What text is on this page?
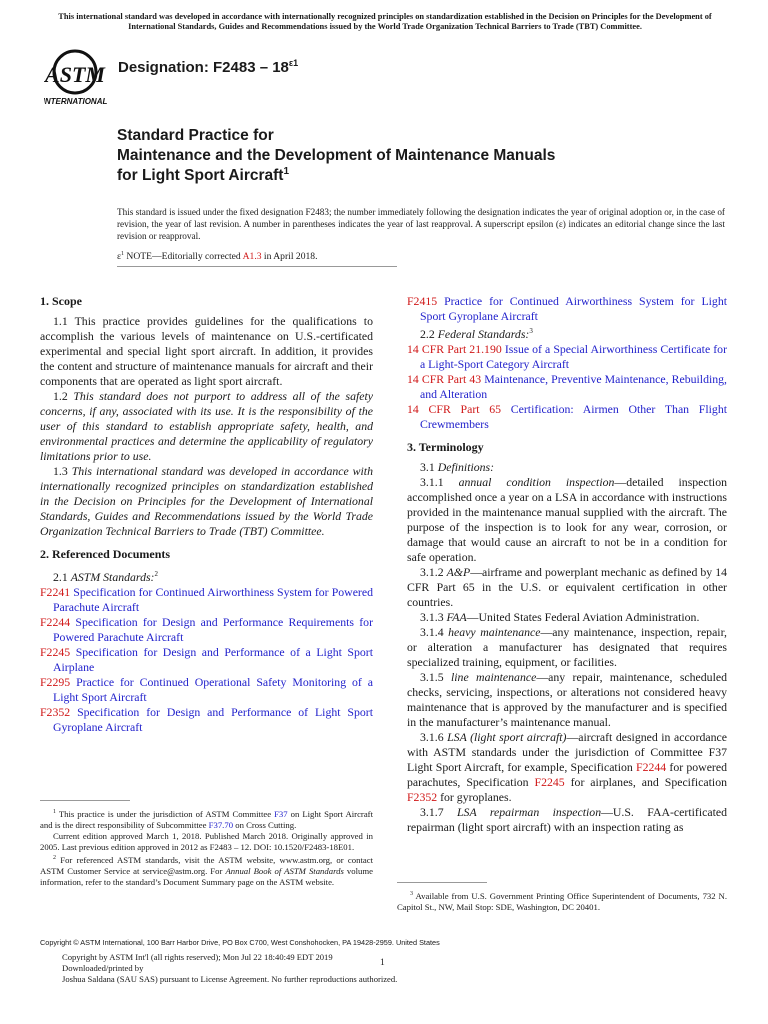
This international standard was developed in accordance with internationally recognized principles on standardization established in the Decision on Principles for the Development of International Standards, Guides and Recommendations issued by the World Trade Organization Technical Barriers to Trade (TBT) Committee.
ASTM
INTERNATIONAL
Designation: $F2483 - 18^{\varepsilon 1}$
Standard Practice for
Maintenance and the Development of Maintenance Manuals
for Light Sport Aircraft$^1$
This standard is issued under the fixed designation F2483; the number immediately following the designation indicates the year of original adoption or, in the case of revision, the year of last revision. A number in parentheses indicates the year of last reapproval. A superscript epsilon (ε) indicates an editorial change since the last revision or reapproval.
$\varepsilon^1$ NOTE—Editorially corrected A1.3 in April 2018.

1. Scope

1.1 This practice provides guidelines for the qualifications to accomplish the various levels of maintenance on U.S.-certificated experimental and special light sport aircraft. In addition, it provides the content and structure of maintenance manuals for aircraft and their components that are operated as light sport aircraft.

1.2 This standard does not purport to address all of the safety concerns, if any, associated with its use. It is the responsibility of the user of this standard to establish appropriate safety, health, and environmental practices and determine the applicability of regulatory limitations prior to use.

1.3 This international standard was developed in accordance with internationally recognized principles on standardization established in the Decision on Principles for the Development of International Standards, Guides and Recommendations issued by the World Trade Organization Technical Barriers to Trade (TBT) Committee.

2. Referenced Documents

2.1 ASTM Standards:$^2$

F2241 Specification for Continued Airworthiness System for Powered Parachute Aircraft

F2244 Specification for Design and Performance Requirements for Powered Parachute Aircraft

F2245 Specification for Design and Performance of a Light Sport Airplane

F2295 Practice for Continued Operational Safety Monitoring of a Light Sport Aircraft

F2352 Specification for Design and Performance of Light Sport Gyroplane Aircraft

$^1$ This practice is under the jurisdiction of ASTM Committee F37 on Light Sport Aircraft and is the direct responsibility of Subcommittee F37.70 on Cross Cutting.

Current edition approved March 1, 2018. Published March 2018. Originally approved in 2005. Last previous edition approved in 2012 as F2483 – 12. DOI: 10.1520/F2483-18E01.

$^2$ For referenced ASTM standards, visit the ASTM website, www.astm.org, or contact ASTM Customer Service at service@astm.org. For Annual Book of ASTM Standards volume information, refer to the standard’s Document Summary page on the ASTM website.

F2415 Practice for Continued Airworthiness System for Light Sport Gyroplane Aircraft

2.2 Federal Standards:$^3$

14 CFR Part 21.190 Issue of a Special Airworthiness Certificate for a Light-Sport Category Aircraft

14 CFR Part 43 Maintenance, Preventive Maintenance, Rebuilding, and Alteration

14 CFR Part 65 Certification: Airmen Other Than Flight Crewmembers

3. Terminology

3.1 Definitions:

3.1.1 annual condition inspection—detailed inspection accomplished once a year on a LSA in accordance with instructions provided in the maintenance manual supplied with the aircraft. The purpose of the inspection is to look for any wear, corrosion, or damage that would cause an aircraft to not be in a condition for safe operation.

3.1.2 A&P—airframe and powerplant mechanic as defined by 14 CFR Part 65 in the U.S. or equivalent certification in other countries.

3.1.3 FAA—United States Federal Aviation Administration.

3.1.4 heavy maintenance—any maintenance, inspection, repair, or alteration a manufacturer has designated that requires specialized training, equipment, or facilities.

3.1.5 line maintenance—any repair, maintenance, scheduled checks, servicing, inspections, or alterations not considered heavy maintenance that is approved by the manufacturer and is specified in the manufacturer’s maintenance manual.

3.1.6 LSA (light sport aircraft)—aircraft designed in accordance with ASTM standards under the jurisdiction of Committee F37 Light Sport Aircraft, for example, Specification F2244 for powered parachutes, Specification F2245 for airplanes, and Specification F2352 for gyroplanes.

3.1.7 LSA repairman inspection—U.S. FAA-certificated repairman (light sport aircraft) with an inspection rating as

$^3$ Available from U.S. Government Printing Office Superintendent of Documents, 732 N. Capitol St., NW, Mail Stop: SDE, Washington, DC 20401.

Copyright © ASTM International, 100 Barr Harbor Drive, PO Box C700, West Conshohocken, PA 19428-2959. United States
Copyright by ASTM Int'l (all rights reserved); Mon Jul 22 18:40:49 EDT 2019
Downloaded/printed by
Joshua Saldana (SAU SAS) pursuant to License Agreement. No further reproductions authorized.
1
